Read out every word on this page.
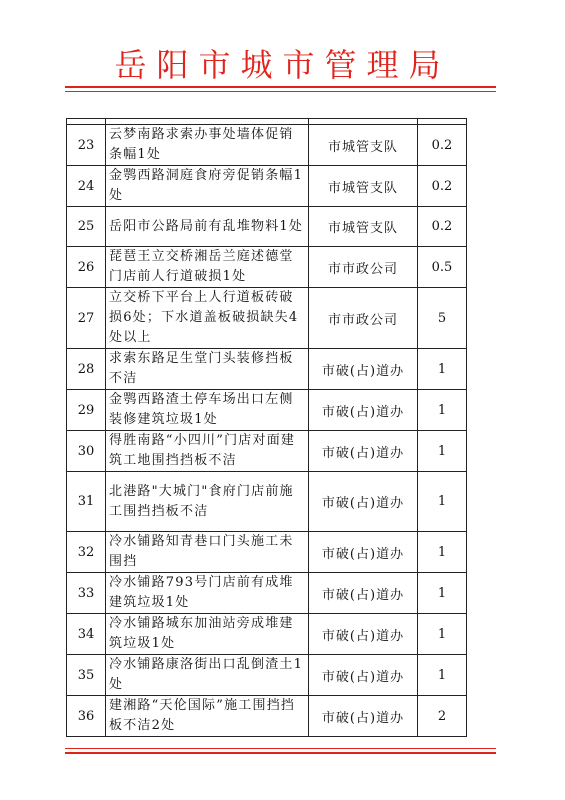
岳阳市城市管理局

23	云梦南路求索办事处墙体促销条幅1处	市城管支队	0.2
24	金鹗西路洞庭食府旁促销条幅1处	市城管支队	0.2
25	岳阳市公路局前有乱堆物料1处	市城管支队	0.2
26	琵琶王立交桥湘岳兰庭述德堂门店前人行道破损1处	市市政公司	0.5
27	立交桥下平台上人行道板砖破损6处；下水道盖板破损缺失4处以上	市市政公司	5
28	求索东路足生堂门头装修挡板不洁	市破(占)道办	1
29	金鹗西路渣土停车场出口左侧装修建筑垃圾1处	市破(占)道办	1
30	得胜南路“小四川”门店对面建筑工地围挡挡板不洁	市破(占)道办	1
31	北港路"大城门"食府门店前施工围挡挡板不洁	市破(占)道办	1
32	冷水铺路知青巷口门头施工未围挡	市破(占)道办	1
33	冷水铺路793号门店前有成堆建筑垃圾1处	市破(占)道办	1
34	冷水铺路城东加油站旁成堆建筑垃圾1处	市破(占)道办	1
35	冷水铺路康洛街出口乱倒渣土1处	市破(占)道办	1
36	建湘路“天伦国际”施工围挡挡板不洁2处	市破(占)道办	2
